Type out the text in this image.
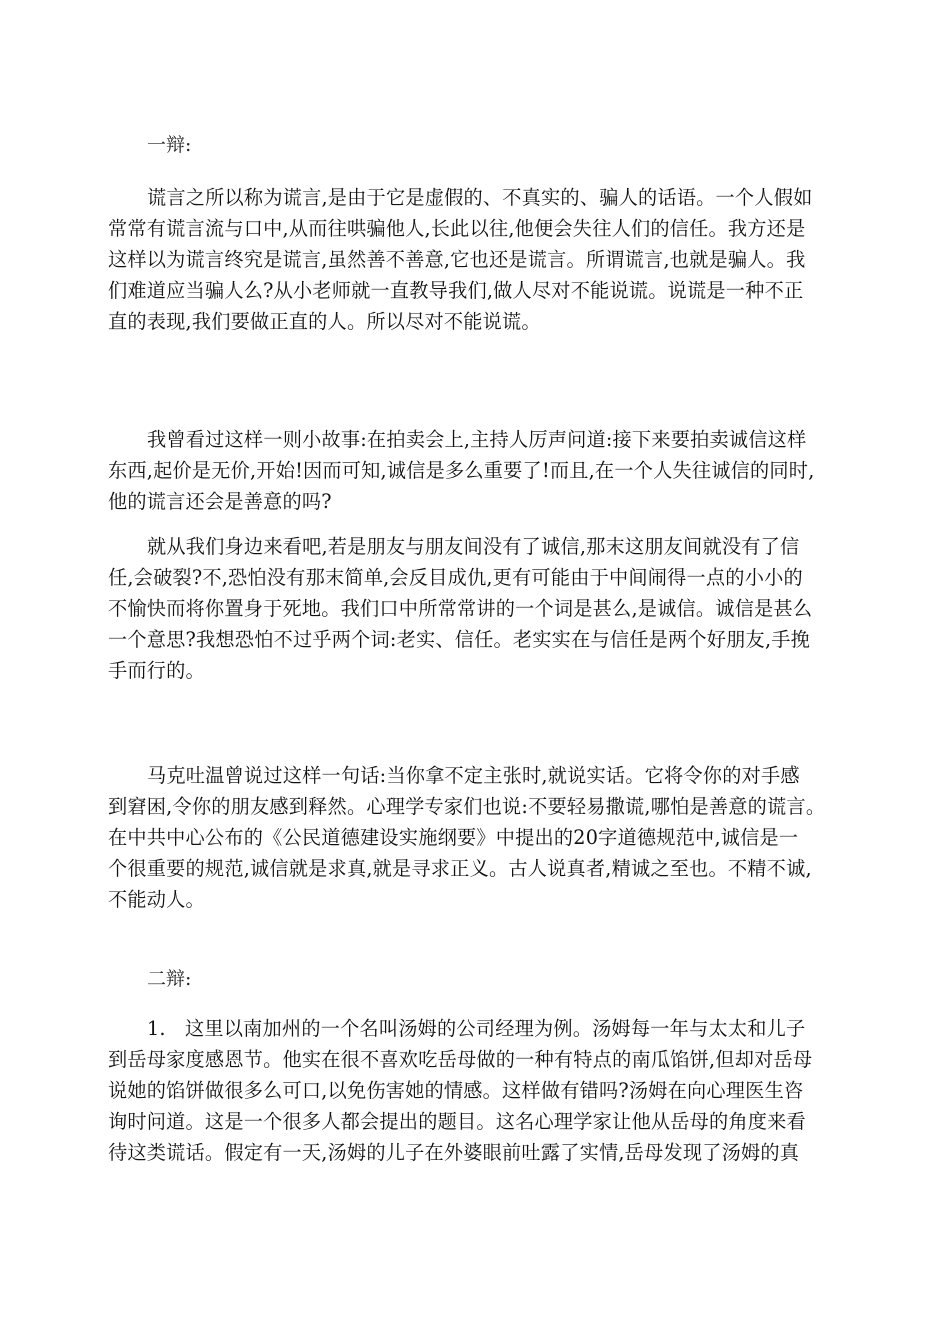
一辩:
谎言之所以称为谎言,是由于它是虚假的、不真实的、骗人的话语。一个人假如
常常有谎言流与口中,从而往哄骗他人,长此以往,他便会失往人们的信任。我方还是
这样以为谎言终究是谎言,虽然善不善意,它也还是谎言。所谓谎言,也就是骗人。我
们难道应当骗人么?从小老师就一直教导我们,做人尽对不能说谎。说谎是一种不正
直的表现,我们要做正直的人。所以尽对不能说谎。
我曾看过这样一则小故事:在拍卖会上,主持人厉声问道:接下来要拍卖诚信这样
东西,起价是无价,开始!因而可知,诚信是多么重要了!而且,在一个人失往诚信的同时,
他的谎言还会是善意的吗?
就从我们身边来看吧,若是朋友与朋友间没有了诚信,那末这朋友间就没有了信
任,会破裂?不,恐怕没有那末简单,会反目成仇,更有可能由于中间闹得一点的小小的
不愉快而将你置身于死地。我们口中所常常讲的一个词是甚么,是诚信。诚信是甚么
一个意思?我想恐怕不过乎两个词:老实、信任。老实实在与信任是两个好朋友,手挽
手而行的。
马克吐温曾说过这样一句话:当你拿不定主张时,就说实话。它将令你的对手感
到窘困,令你的朋友感到释然。心理学专家们也说:不要轻易撒谎,哪怕是善意的谎言。
在中共中心公布的《公民道德建设实施纲要》中提出的20字道德规范中,诚信是一
个很重要的规范,诚信就是求真,就是寻求正义。古人说真者,精诚之至也。不精不诚,
不能动人。
二辩:
1. 这里以南加州的一个名叫汤姆的公司经理为例。汤姆每一年与太太和儿子
到岳母家度感恩节。他实在很不喜欢吃岳母做的一种有特点的南瓜馅饼,但却对岳母
说她的馅饼做很多么可口,以免伤害她的情感。这样做有错吗?汤姆在向心理医生咨
询时问道。这是一个很多人都会提出的题目。这名心理学家让他从岳母的角度来看
待这类谎话。假定有一天,汤姆的儿子在外婆眼前吐露了实情,岳母发现了汤姆的真
